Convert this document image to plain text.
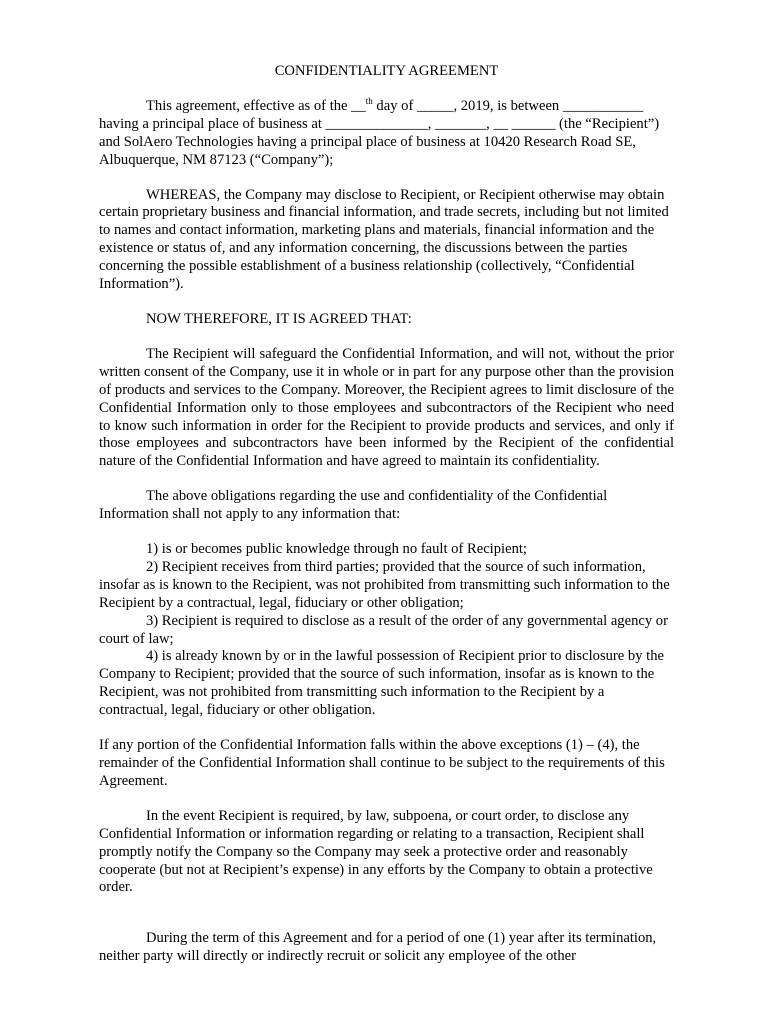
CONFIDENTIALITY AGREEMENT

This agreement, effective as of the __$^{th}$ day of _____, 2019, is between ___________ having a principal place of business at ______________, _______, __ ______ (the “Recipient”) and SolAero Technologies having a principal place of business at 10420 Research Road SE, Albuquerque, NM 87123 (“Company”);

WHEREAS, the Company may disclose to Recipient, or Recipient otherwise may obtain certain proprietary business and financial information, and trade secrets, including but not limited to names and contact information, marketing plans and materials, financial information and the existence or status of, and any information concerning, the discussions between the parties concerning the possible establishment of a business relationship (collectively, “Confidential Information”).

NOW THEREFORE, IT IS AGREED THAT:

The Recipient will safeguard the Confidential Information, and will not, without the prior written consent of the Company, use it in whole or in part for any purpose other than the provision of products and services to the Company. Moreover, the Recipient agrees to limit disclosure of the Confidential Information only to those employees and subcontractors of the Recipient who need to know such information in order for the Recipient to provide products and services, and only if those employees and subcontractors have been informed by the Recipient of the confidential nature of the Confidential Information and have agreed to maintain its confidentiality.

The above obligations regarding the use and confidentiality of the Confidential Information shall not apply to any information that:

1) is or becomes public knowledge through no fault of Recipient;

2) Recipient receives from third parties; provided that the source of such information, insofar as is known to the Recipient, was not prohibited from transmitting such information to the Recipient by a contractual, legal, fiduciary or other obligation;

3) Recipient is required to disclose as a result of the order of any governmental agency or court of law;

4) is already known by or in the lawful possession of Recipient prior to disclosure by the Company to Recipient; provided that the source of such information, insofar as is known to the Recipient, was not prohibited from transmitting such information to the Recipient by a contractual, legal, fiduciary or other obligation.

If any portion of the Confidential Information falls within the above exceptions (1) – (4), the remainder of the Confidential Information shall continue to be subject to the requirements of this Agreement.

In the event Recipient is required, by law, subpoena, or court order, to disclose any Confidential Information or information regarding or relating to a transaction, Recipient shall promptly notify the Company so the Company may seek a protective order and reasonably cooperate (but not at Recipient’s expense) in any efforts by the Company to obtain a protective order.

During the term of this Agreement and for a period of one (1) year after its termination, neither party will directly or indirectly recruit or solicit any employee of the other
